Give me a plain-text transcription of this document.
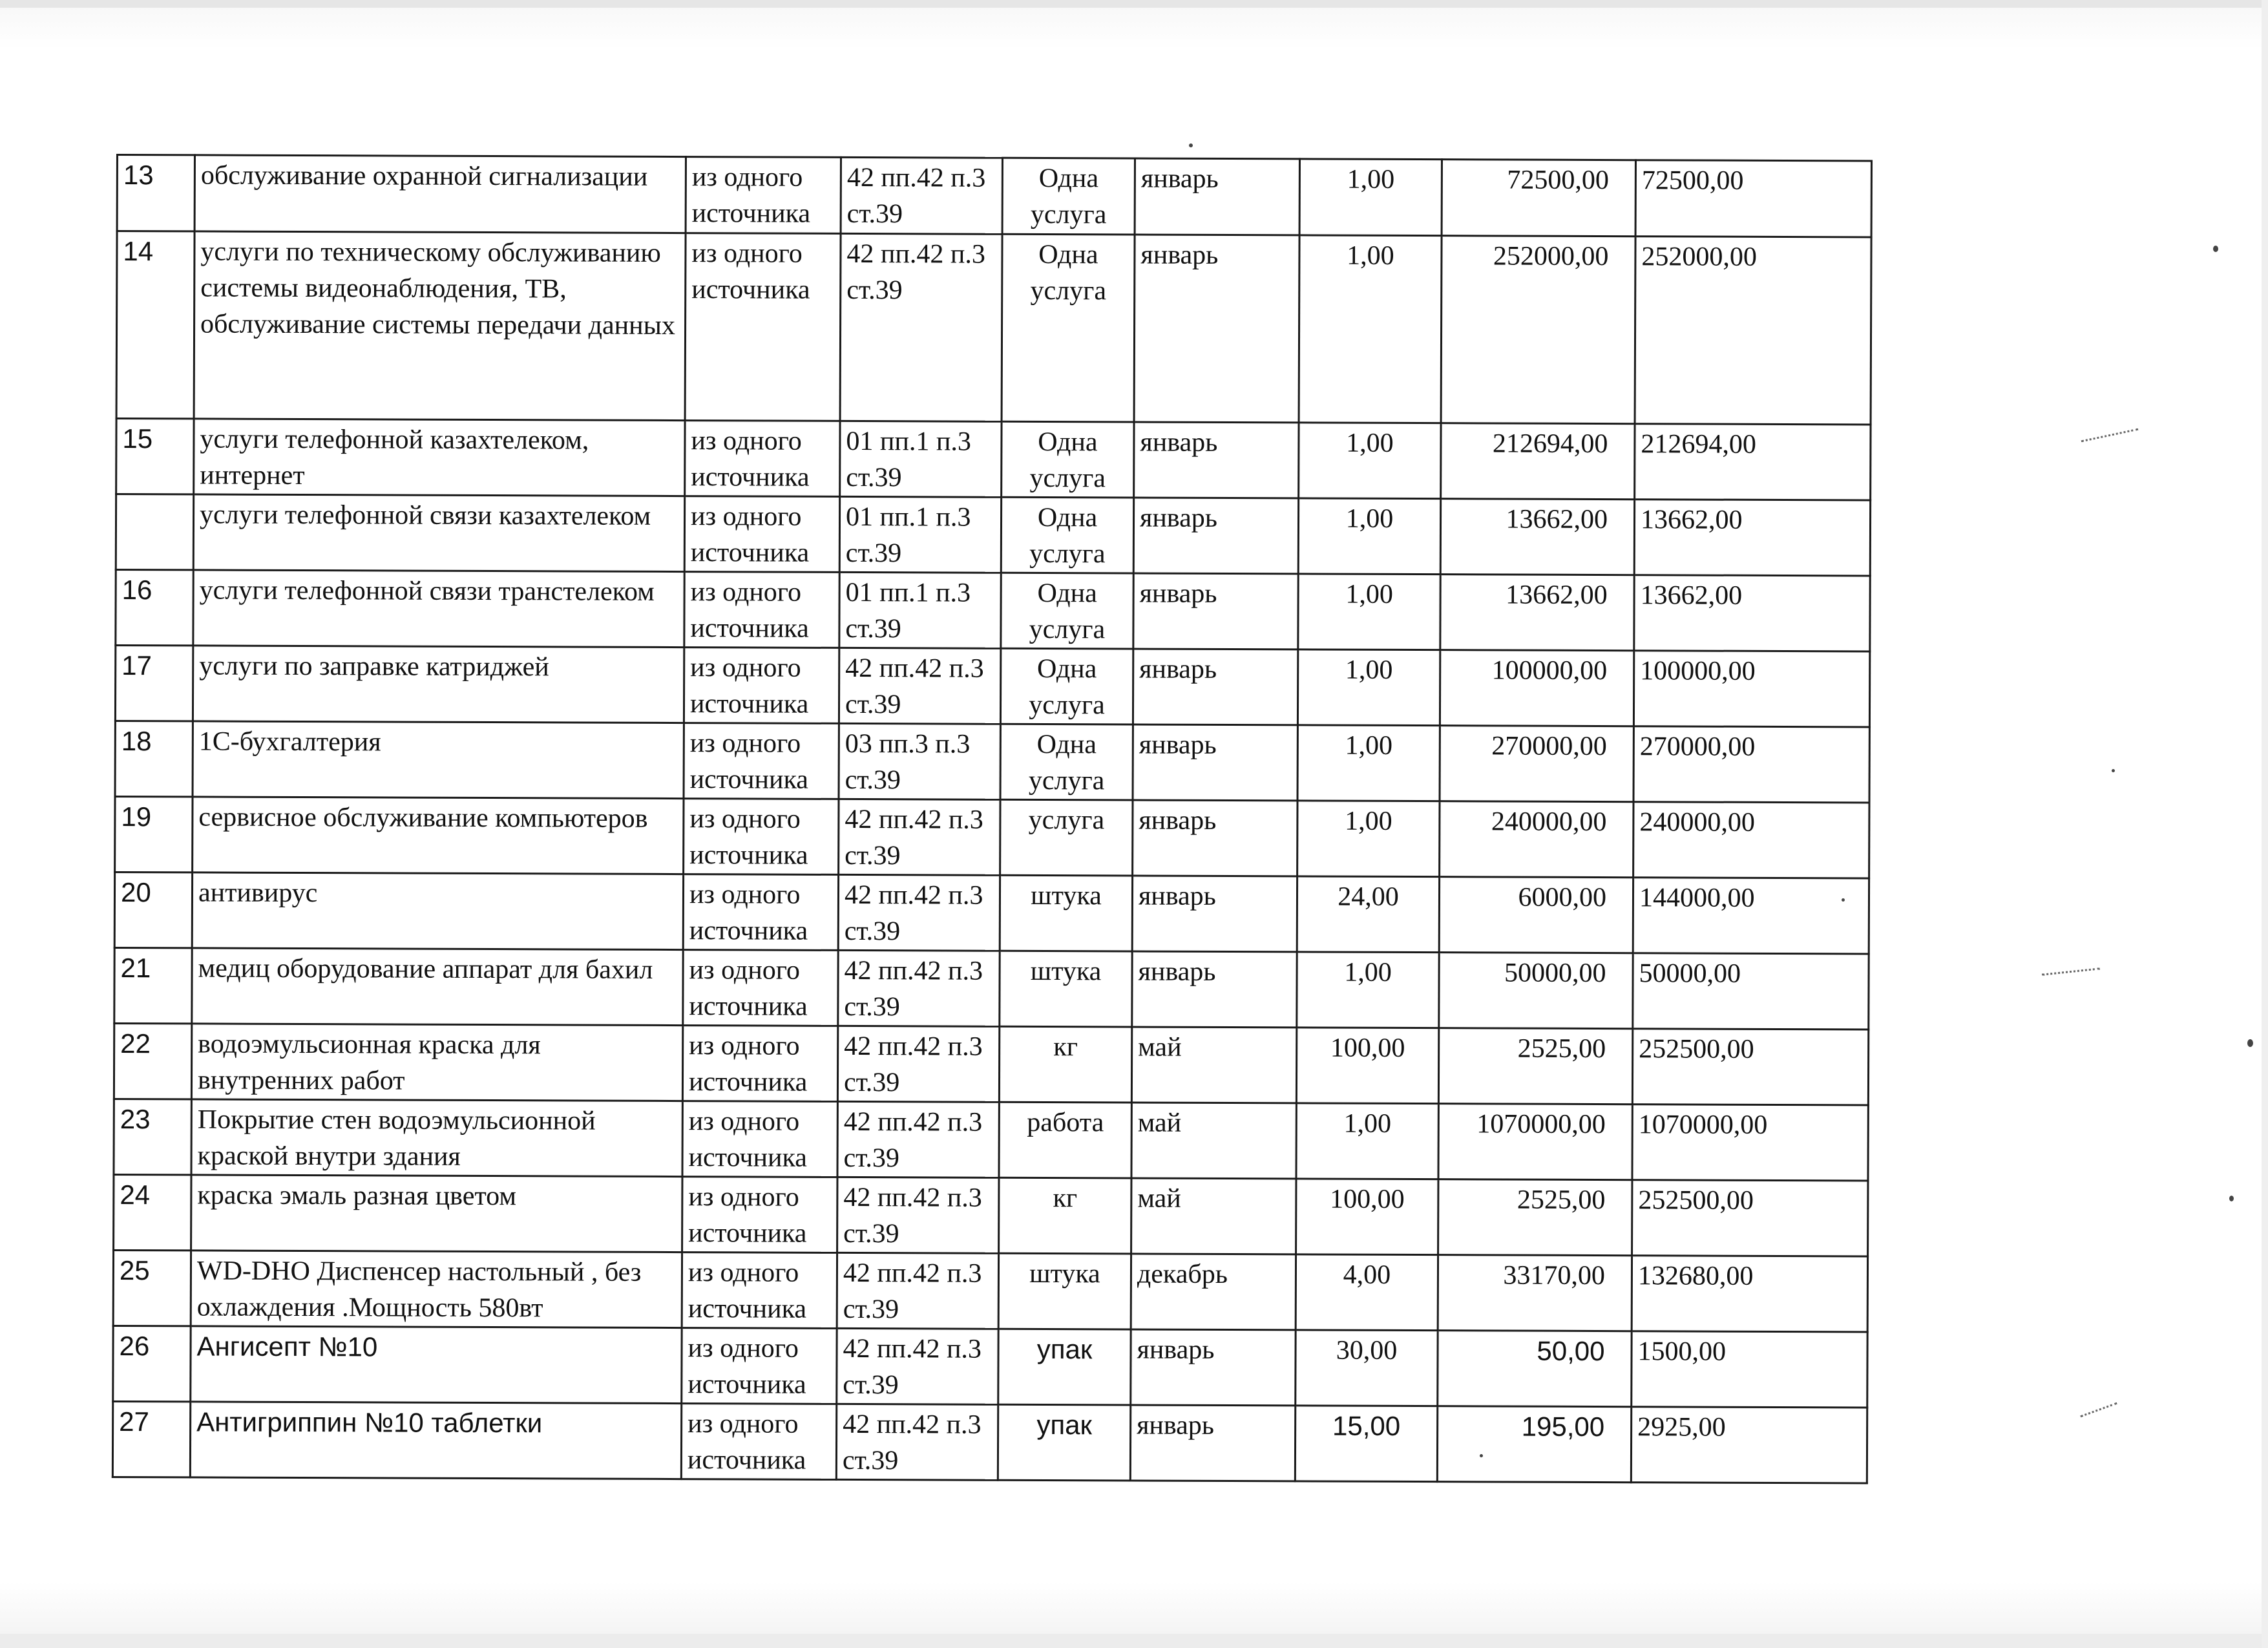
13	обслуживание охранной сигнализации	из одного источника	42 пп.42 п.3 ст.39	Одна услуга	январь	1,00	72500,00	72500,00
14	услуги по техническому обслуживанию системы видеонаблюдения, ТВ, обслуживание системы передачи данных	из одного источника	42 пп.42 п.3 ст.39	Одна услуга	январь	1,00	252000,00	252000,00
15	услуги телефонной казахтелеком, интернет	из одного источника	01 пп.1 п.3 ст.39	Одна услуга	январь	1,00	212694,00	212694,00
	услуги телефонной связи казахтелеком	из одного источника	01 пп.1 п.3 ст.39	Одна услуга	январь	1,00	13662,00	13662,00
16	услуги телефонной связи транстелеком	из одного источника	01 пп.1 п.3 ст.39	Одна услуга	январь	1,00	13662,00	13662,00
17	услуги по заправке катриджей	из одного источника	42 пп.42 п.3 ст.39	Одна услуга	январь	1,00	100000,00	100000,00
18	1С-бухгалтерия	из одного источника	03 пп.3 п.3 ст.39	Одна услуга	январь	1,00	270000,00	270000,00
19	сервисное обслуживание компьютеров	из одного источника	42 пп.42 п.3 ст.39	услуга	январь	1,00	240000,00	240000,00
20	антивирус	из одного источника	42 пп.42 п.3 ст.39	штука	январь	24,00	6000,00	144000,00
21	медиц оборудование аппарат для бахил	из одного источника	42 пп.42 п.3 ст.39	штука	январь	1,00	50000,00	50000,00
22	водоэмульсионная краска для внутренних работ	из одного источника	42 пп.42 п.3 ст.39	кг	май	100,00	2525,00	252500,00
23	Покрытие стен водоэмульсионной краской внутри здания	из одного источника	42 пп.42 п.3 ст.39	работа	май	1,00	1070000,00	1070000,00
24	краска эмаль разная цветом	из одного источника	42 пп.42 п.3 ст.39	кг	май	100,00	2525,00	252500,00
25	WD-DHO Диспенсер настольный , без охлаждения .Мощность 580вт	из одного источника	42 пп.42 п.3 ст.39	штука	декабрь	4,00	33170,00	132680,00
26	Ангисепт №10	из одного источника	42 пп.42 п.3 ст.39	упак	январь	30,00	50,00	1500,00
27	Антигриппин №10 таблетки	из одного источника	42 пп.42 п.3 ст.39	упак	январь	15,00	195,00	2925,00
